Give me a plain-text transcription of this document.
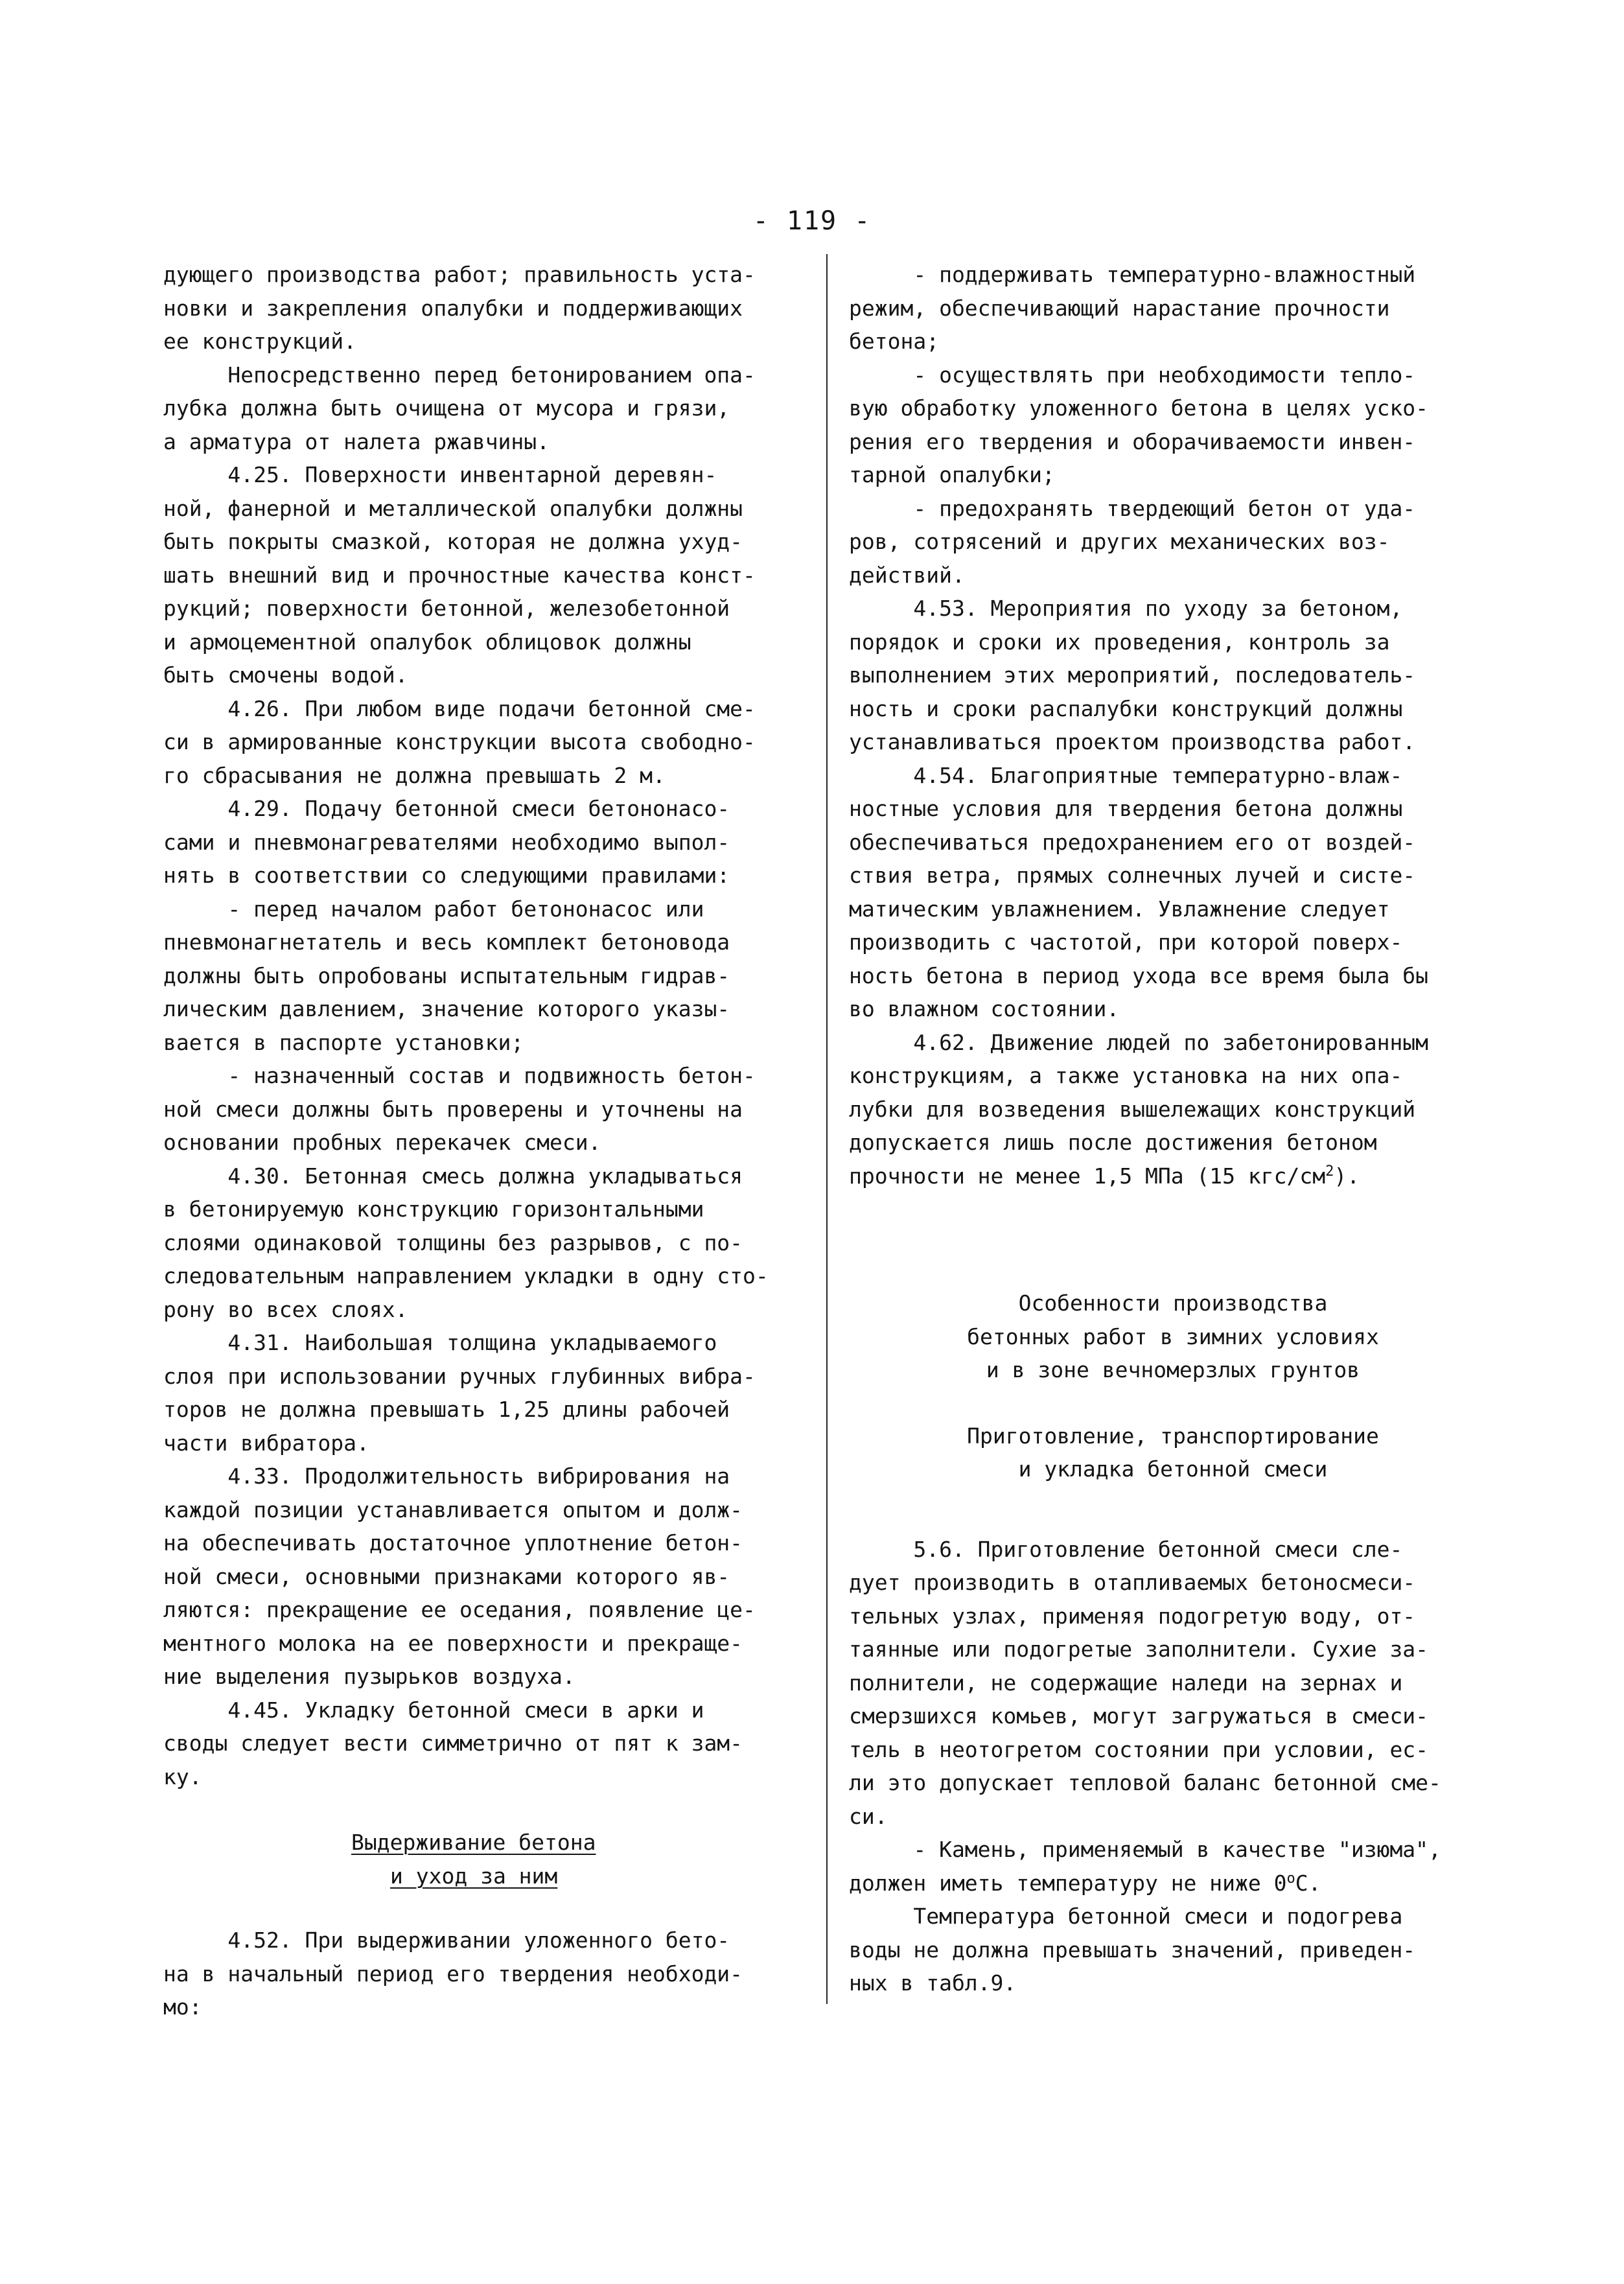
- 119 -

дующего производства работ; правильность уста-

новки и закрепления опалубки и поддерживающих

ее конструкций.

Непосредственно перед бетонированием опа-

лубка должна быть очищена от мусора и грязи,

а арматура от налета ржавчины.

4.25. Поверхности инвентарной деревян-

ной, фанерной и металлической опалубки должны

быть покрыты смазкой, которая не должна ухуд-

шать внешний вид и прочностные качества конст-

рукций; поверхности бетонной, железобетонной

и армоцементной опалубок облицовок должны

быть смочены водой.

4.26. При любом виде подачи бетонной сме-

си в армированные конструкции высота свободно-

го сбрасывания не должна превышать 2 м.

4.29. Подачу бетонной смеси бетононасо-

сами и пневмонагревателями необходимо выпол-

нять в соответствии со следующими правилами:

- перед началом работ бетононасос или

пневмонагнетатель и весь комплект бетоновода

должны быть опробованы испытательным гидрав-

лическим давлением, значение которого указы-

вается в паспорте установки;

- назначенный состав и подвижность бетон-

ной смеси должны быть проверены и уточнены на

основании пробных перекачек смеси.

4.30. Бетонная смесь должна укладываться

в бетонируемую конструкцию горизонтальными

слоями одинаковой толщины без разрывов, с по-

следовательным направлением укладки в одну сто-

рону во всех слоях.

4.31. Наибольшая толщина укладываемого

слоя при использовании ручных глубинных вибра-

торов не должна превышать 1,25 длины рабочей

части вибратора.

4.33. Продолжительность вибрирования на

каждой позиции устанавливается опытом и долж-

на обеспечивать достаточное уплотнение бетон-

ной смеси, основными признаками которого яв-

ляются: прекращение ее оседания, появление це-

ментного молока на ее поверхности и прекраще-

ние выделения пузырьков воздуха.

4.45. Укладку бетонной смеси в арки и

своды следует вести симметрично от пят к зам-

ку.

Выдерживание бетона

и уход за ним

4.52. При выдерживании уложенного бето-

на в начальный период его твердения необходи-

мо:

- поддерживать температурно-влажностный

режим, обеспечивающий нарастание прочности

бетона;

- осуществлять при необходимости тепло-

вую обработку уложенного бетона в целях уско-

рения его твердения и оборачиваемости инвен-

тарной опалубки;

- предохранять твердеющий бетон от уда-

ров, сотрясений и других механических воз-

действий.

4.53. Мероприятия по уходу за бетоном,

порядок и сроки их проведения, контроль за

выполнением этих мероприятий, последователь-

ность и сроки распалубки конструкций должны

устанавливаться проектом производства работ.

4.54. Благоприятные температурно-влаж-

ностные условия для твердения бетона должны

обеспечиваться предохранением его от воздей-

ствия ветра, прямых солнечных лучей и систе-

матическим увлажнением. Увлажнение следует

производить с частотой, при которой поверх-

ность бетона в период ухода все время была бы

во влажном состоянии.

4.62. Движение людей по забетонированным

конструкциям, а также установка на них опа-

лубки для возведения вышележащих конструкций

допускается лишь после достижения бетоном

прочности не менее 1,5 МПа (15 кгс/$см^2$).

Особенности производства

бетонных работ в зимних условиях

и в зоне вечномерзлых грунтов

Приготовление, транспортирование

и укладка бетонной смеси

5.6. Приготовление бетонной смеси сле-

дует производить в отапливаемых бетоносмеси-

тельных узлах, применяя подогретую воду, от-

таянные или подогретые заполнители. Сухие за-

полнители, не содержащие наледи на зернах и

смерзшихся комьев, могут загружаться в смеси-

тель в неотогретом состоянии при условии, ес-

ли это допускает тепловой баланс бетонной сме-

си.

- Камень, применяемый в качестве "изюма",

должен иметь температуру не ниже $0^оС$.

Температура бетонной смеси и подогрева

воды не должна превышать значений, приведен-

ных в табл.9.
